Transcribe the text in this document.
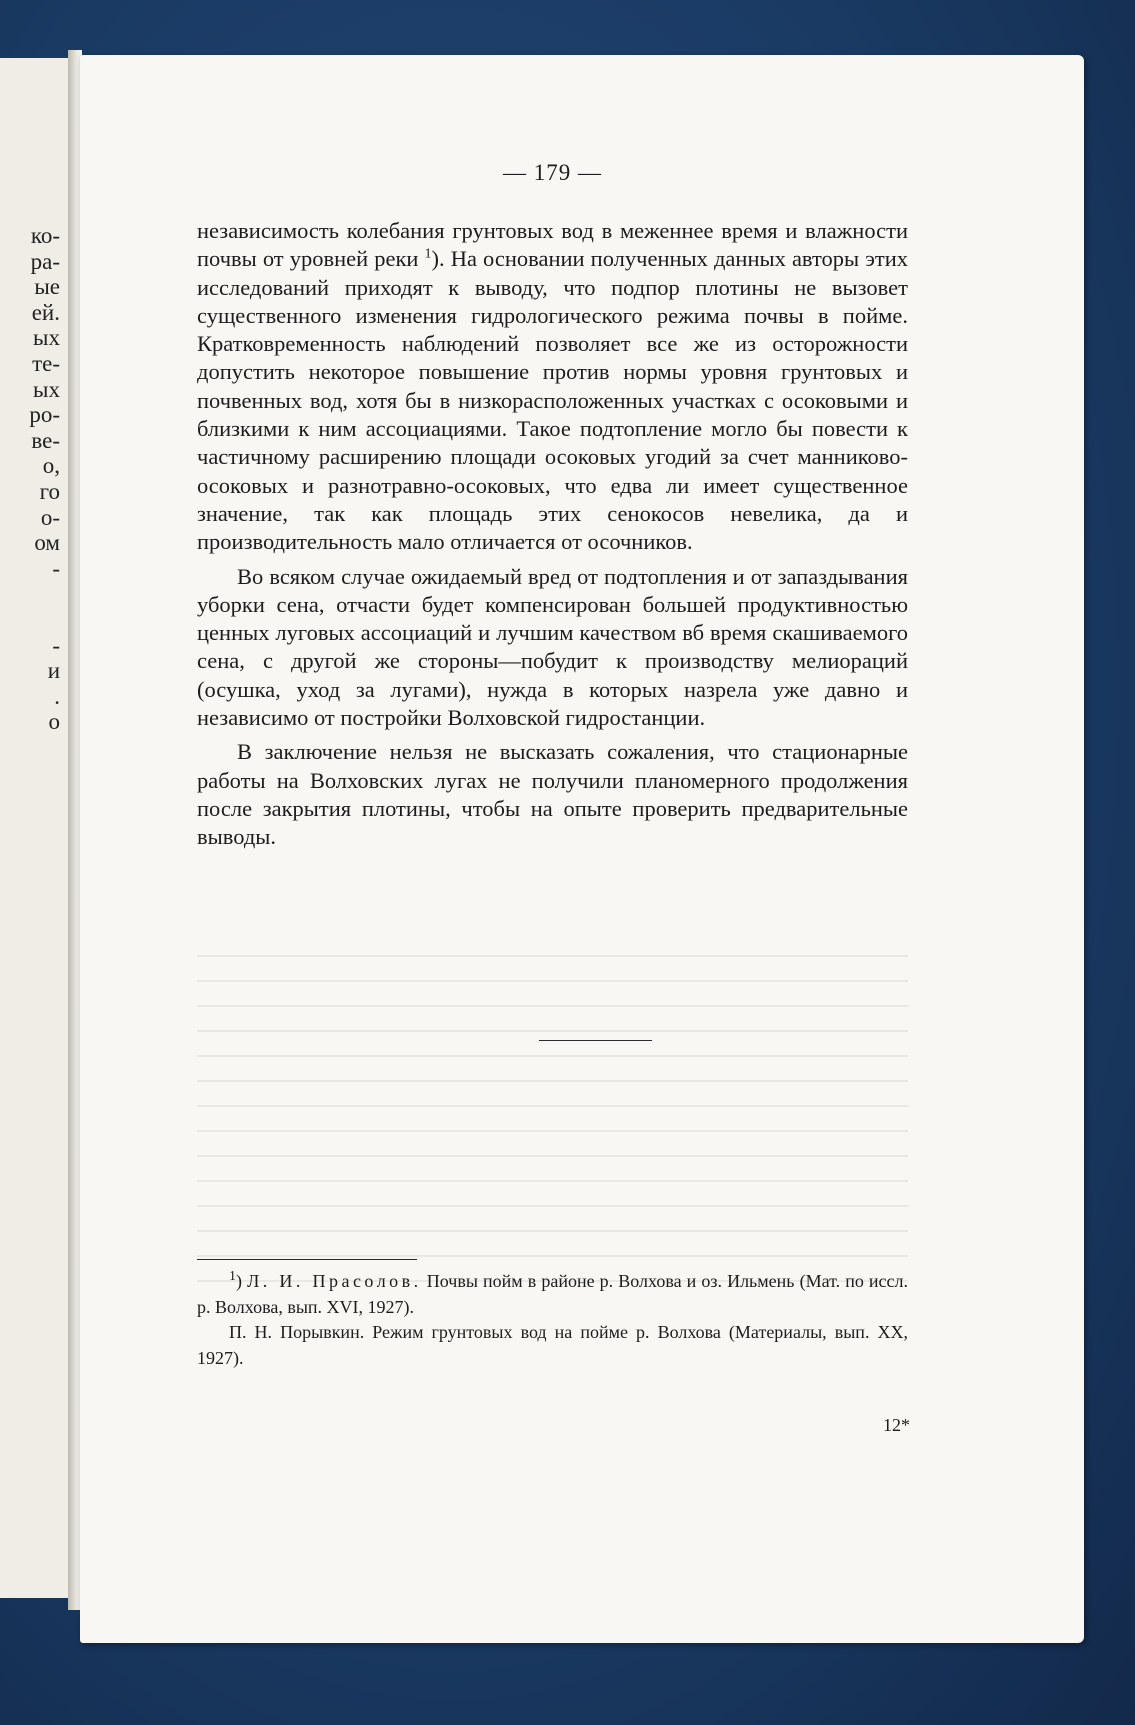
ко-
ра-
ые
ей.
ых
те-
ых
ро-
ве-
о,
го
о-
ом
-
-
и
.
о
— 179 —

независимость колебания грунтовых вод в меженнее время и влажности почвы от уровней реки $^1$). На основании полученных данных авторы этих исследований приходят к выводу, что подпор плотины не вызовет существенного изменения гидрологического режима почвы в пойме. Кратковременность наблюдений позволяет все же из осторожности допустить некоторое повышение против нормы уровня грунтовых и почвенных вод, хотя бы в низкорасположенных участках с осоковыми и близкими к ним ассоциациями. Такое подтопление могло бы повести к частичному расширению площади осоковых угодий за счет манниково-осоковых и разнотравно-осоковых, что едва ли имеет существенное значение, так как площадь этих сенокосов невелика, да и производительность мало отличается от осочников.

Во всяком случае ожидаемый вред от подтопления и от запаздывания уборки сена, отчасти будет компенсирован большей продуктивностью ценных луговых ассоциаций и лучшим качеством вб время скашиваемого сена, с другой же стороны—побудит к производству мелиораций (осушка, уход за лугами), нужда в которых назрела уже давно и независимо от постройки Волховской гидростанции.

В заключение нельзя не высказать сожаления, что стационарные работы на Волховских лугах не получили планомерного продолжения после закрытия плотины, чтобы на опыте проверить предварительные выводы.

$^1$) Л. И. Прасолов. Почвы пойм в районе р. Волхова и оз. Ильмень (Мат. по иссл. р. Волхова, вып. XVI, 1927).

П. Н. Порывкин. Режим грунтовых вод на пойме р. Волхова (Материалы, вып. XX, 1927).

12*
